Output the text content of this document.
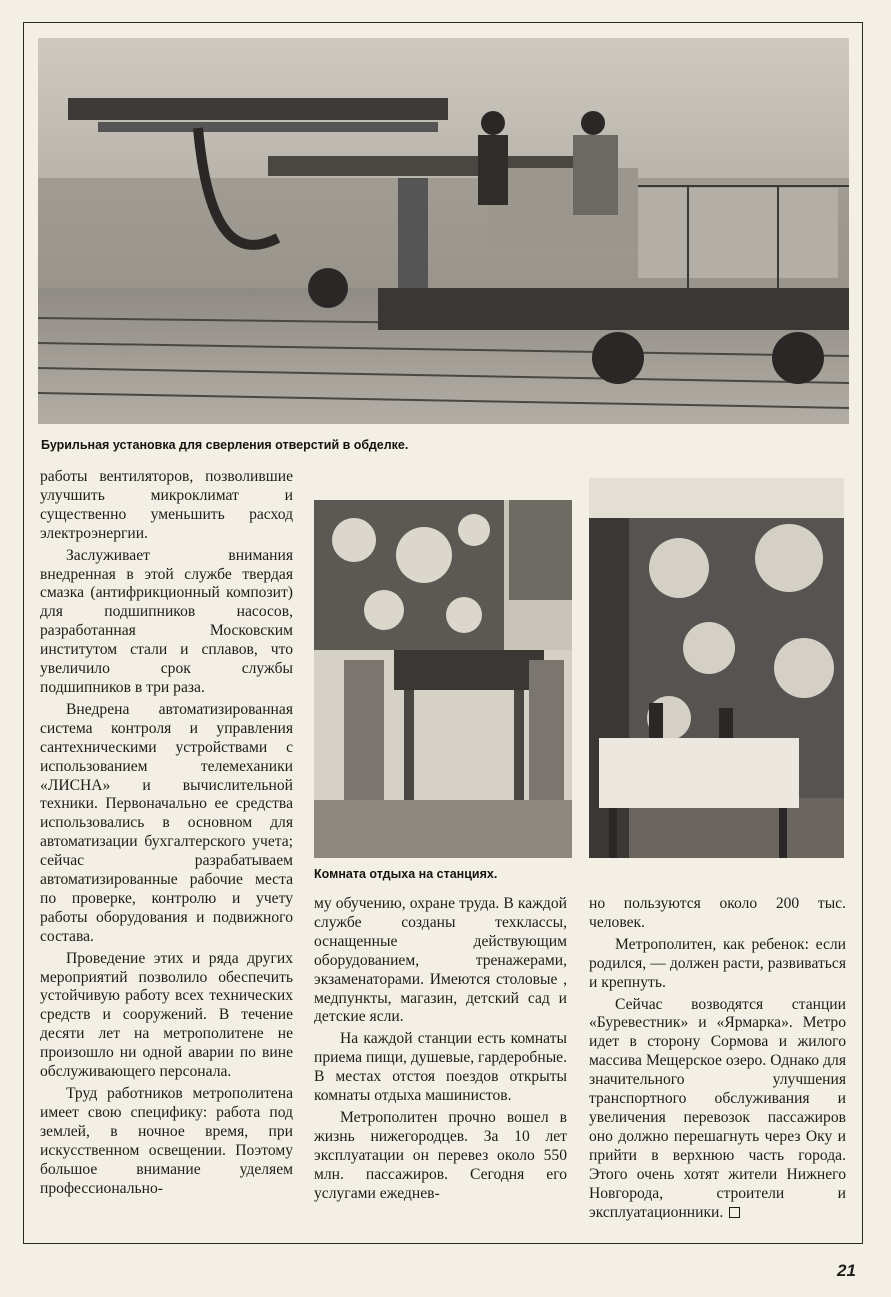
Бурильная установка для сверления отверстий в обделке.
Комната отдыха на станциях.

работы вентиляторов, позволившие улучшить микроклимат и существенно уменьшить расход электроэнергии.

Заслуживает внимания внедренная в этой службе твердая смазка (антифрикционный композит) для подшипников насосов, разработанная Московским институтом стали и сплавов, что увеличило срок службы подшипников в три раза.

Внедрена автоматизированная система контроля и управления сантехническими устройствами с использованием телемеханики «ЛИСНА» и вычислительной техники. Первоначально ее средства использовались в основном для автоматизации бухгалтерского учета; сейчас разрабатываем автоматизированные рабочие места по проверке, контролю и учету работы оборудования и подвижного состава.

Проведение этих и ряда других мероприятий позволило обеспечить устойчивую работу всех технических средств и сооружений. В течение десяти лет на метрополитене не произошло ни одной аварии по вине обслуживающего персонала.

Труд работников метрополитена имеет свою специфику: работа под землей, в ночное время, при искусственном освещении. Поэтому большое внимание уделяем профессионально-

му обучению, охране труда. В каждой службе созданы техклассы, оснащенные действующим оборудованием, тренажерами, экзаменаторами. Имеются столовые , медпункты, магазин, детский сад и детские ясли.

На каждой станции есть комнаты приема пищи, душевые, гардеробные. В местах отстоя поездов открыты комнаты отдыха машинистов.

Метрополитен прочно вошел в жизнь нижегородцев. За 10 лет эксплуатации он перевез около 550 млн. пассажиров. Сегодня его услугами ежеднев-

но пользуются около 200 тыс. человек.

Метрополитен, как ребенок: если родился, — должен расти, развиваться и крепнуть.

Сейчас возводятся станции «Буревестник» и «Ярмарка». Метро идет в сторону Сормова и жилого массива Мещерское озеро. Однако для значительного улучшения транспортного обслуживания и увеличения перевозок пассажиров оно должно перешагнуть через Оку и прийти в верхнюю часть города. Этого очень хотят жители Нижнего Новгорода, строители и эксплуатационники.

21
